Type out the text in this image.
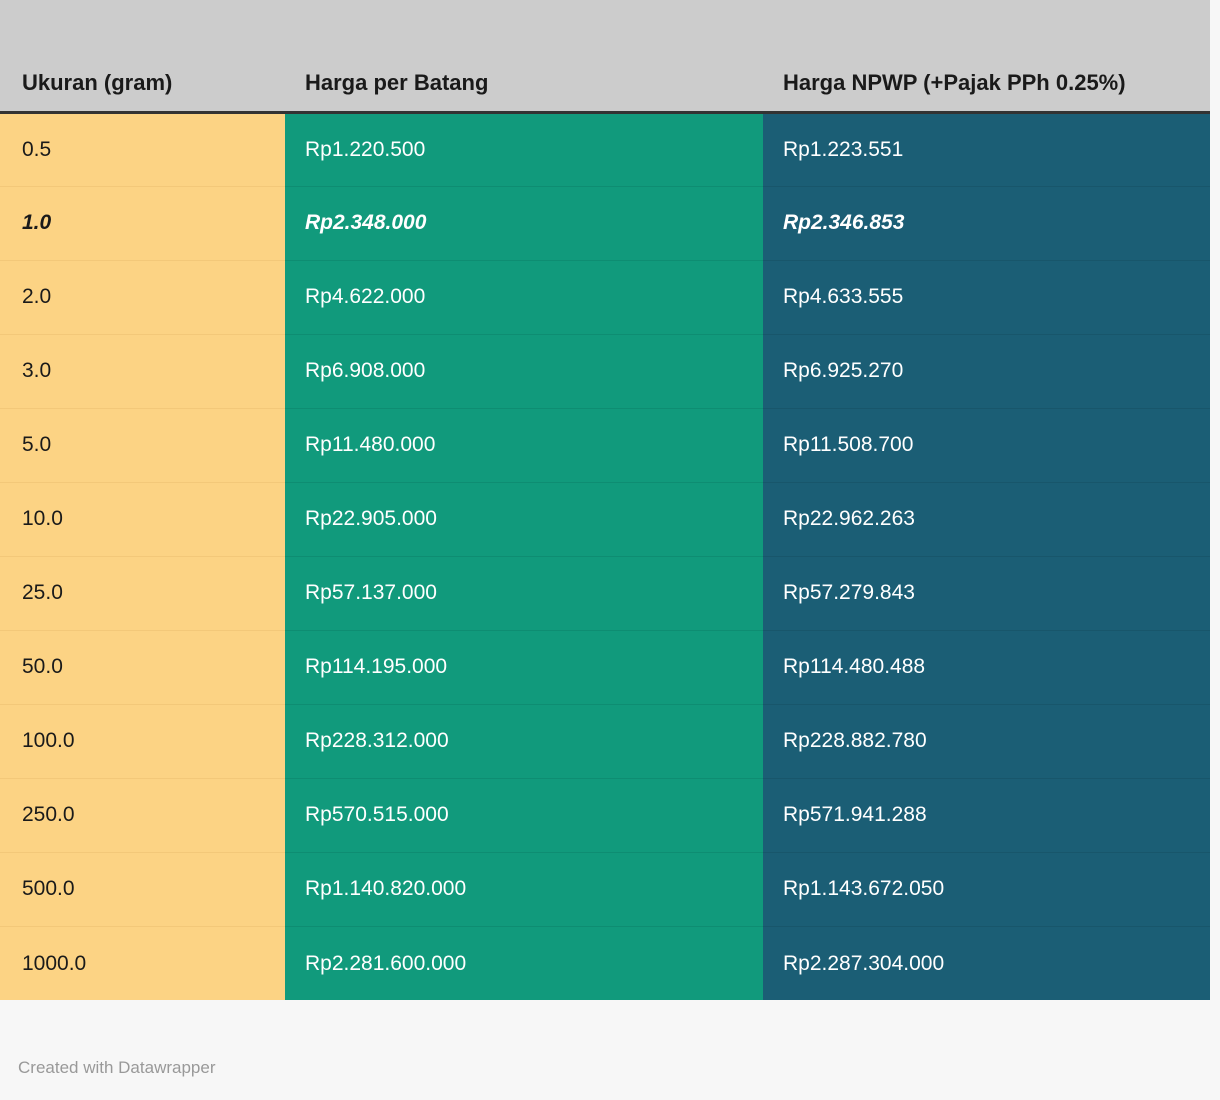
Ukuran (gram)	Harga per Batang	Harga NPWP (+Pajak PPh 0.25%)
0.5	Rp1.220.500	Rp1.223.551
1.0	Rp2.348.000	Rp2.346.853
2.0	Rp4.622.000	Rp4.633.555
3.0	Rp6.908.000	Rp6.925.270
5.0	Rp11.480.000	Rp11.508.700
10.0	Rp22.905.000	Rp22.962.263
25.0	Rp57.137.000	Rp57.279.843
50.0	Rp114.195.000	Rp114.480.488
100.0	Rp228.312.000	Rp228.882.780
250.0	Rp570.515.000	Rp571.941.288
500.0	Rp1.140.820.000	Rp1.143.672.050
1000.0	Rp2.281.600.000	Rp2.287.304.000
Created with Datawrapper
